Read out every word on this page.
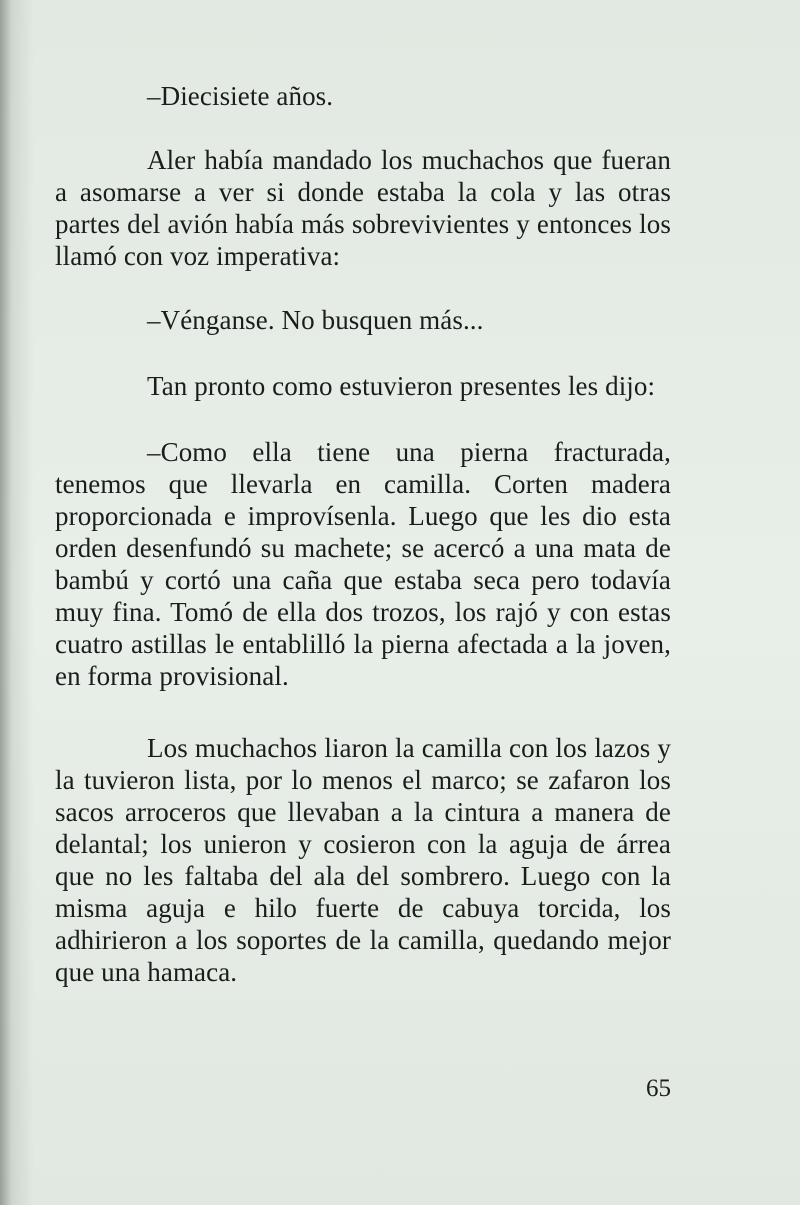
–Diecisiete años.

Aler había mandado los muchachos que fueran a asomarse a ver si donde estaba la cola y las otras partes del avión había más sobrevivientes y entonces los llamó con voz imperativa:

–Vénganse. No busquen más...

Tan pronto como estuvieron presentes les dijo:

–Como ella tiene una pierna fracturada, tenemos que llevarla en camilla. Corten madera proporcionada e improvísenla. Luego que les dio esta orden desenfundó su machete; se acercó a una mata de bambú y cortó una caña que estaba seca pero todavía muy fina. Tomó de ella dos trozos, los rajó y con estas cuatro astillas le entablilló la pierna afectada a la joven, en forma provisional.

Los muchachos liaron la camilla con los lazos y la tuvieron lista, por lo menos el marco; se zafaron los sacos arroceros que llevaban a la cintura a manera de delantal; los unieron y cosieron con la aguja de árrea que no les faltaba del ala del sombrero. Luego con la misma aguja e hilo fuerte de cabuya torcida, los adhirieron a los soportes de la camilla, quedando mejor que una hamaca.

65
